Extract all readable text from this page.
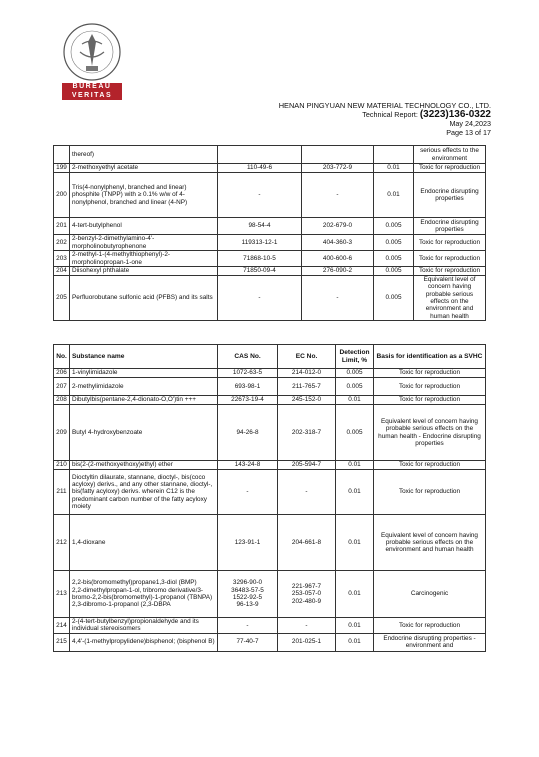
BUREAU
VERITAS
HENAN PINGYUAN NEW MATERIAL TECHNOLOGY CO., LTD.
Technical Report: (3223)136-0322
May 24,2023
Page 13 of 17
	thereof)				serious effects to the environment
199	2-methoxyethyl acetate	110-49-6	203-772-9	0.01	Toxic for reproduction
200	Tris(4-nonylphenyl, branched and linear) phosphite (TNPP) with ≥ 0.1% w/w of 4-nonylphenol, branched and linear (4-NP)	-	-	0.01	Endocrine disrupting properties
201	4-tert-butylphenol	98-54-4	202-679-0	0.005	Endocrine disrupting properties
202	2-benzyl-2-dimethylamino-4'-morpholinobutyrophenone	119313-12-1	404-360-3	0.005	Toxic for reproduction
203	2-methyl-1-(4-methylthiophenyl)-2-morpholinopropan-1-one	71868-10-5	400-600-6	0.005	Toxic for reproduction
204	Diisohexyl phthalate	71850-09-4	276-090-2	0.005	Toxic for reproduction
205	Perfluorobutane sulfonic acid (PFBS) and its salts	-	-	0.005	Equivalent level of concern having probable serious effects on the environment and human health
No.	Substance name	CAS No.	EC No.	Detection Limit, %	Basis for identification as a SVHC
206	1-vinylimidazole	1072-63-5	214-012-0	0.005	Toxic for reproduction
207	2-methylimidazole	693-98-1	211-765-7	0.005	Toxic for reproduction
208	Dibutylbis(pentane-2,4-dionato-O,O')tin +++	22673-19-4	245-152-0	0.01	Toxic for reproduction
209	Butyl 4-hydroxybenzoate	94-26-8	202-318-7	0.005	Equivalent level of concern having probable serious effects on the human health - Endocrine disrupting properties
210	bis(2-(2-methoxyethoxy)ethyl) ether	143-24-8	205-594-7	0.01	Toxic for reproduction
211	Dioctyltin dilaurate, stannane, dioctyl-, bis(coco acyloxy) derivs., and any other stannane, dioctyl-, bis(fatty acyloxy) derivs. wherein C12 is the predominant carbon number of the fatty acyloxy moiety	-	-	0.01	Toxic for reproduction
212	1,4-dioxane	123-91-1	204-661-8	0.01	Equivalent level of concern having probable serious effects on the environment and human health
213	2,2-bis(bromomethyl)propane1,3-diol (BMP)
2,2-dimethylpropan-1-ol, tribromo derivative/3-bromo-2,2-bis(bromomethyl)-1-propanol (TBNPA)
2,3-dibromo-1-propanol (2,3-DBPA	3296-90-0
36483-57-5
1522-92-5
96-13-9	221-967-7
253-057-0
202-480-9	0.01	Carcinogenic
214	2-(4-tert-butylbenzyl)propionaldehyde and its individual stereoisomers	-	-	0.01	Toxic for reproduction
215	4,4'-(1-methylpropylidene)bisphenol; (bisphenol B)	77-40-7	201-025-1	0.01	Endocrine disrupting properties - environment and
